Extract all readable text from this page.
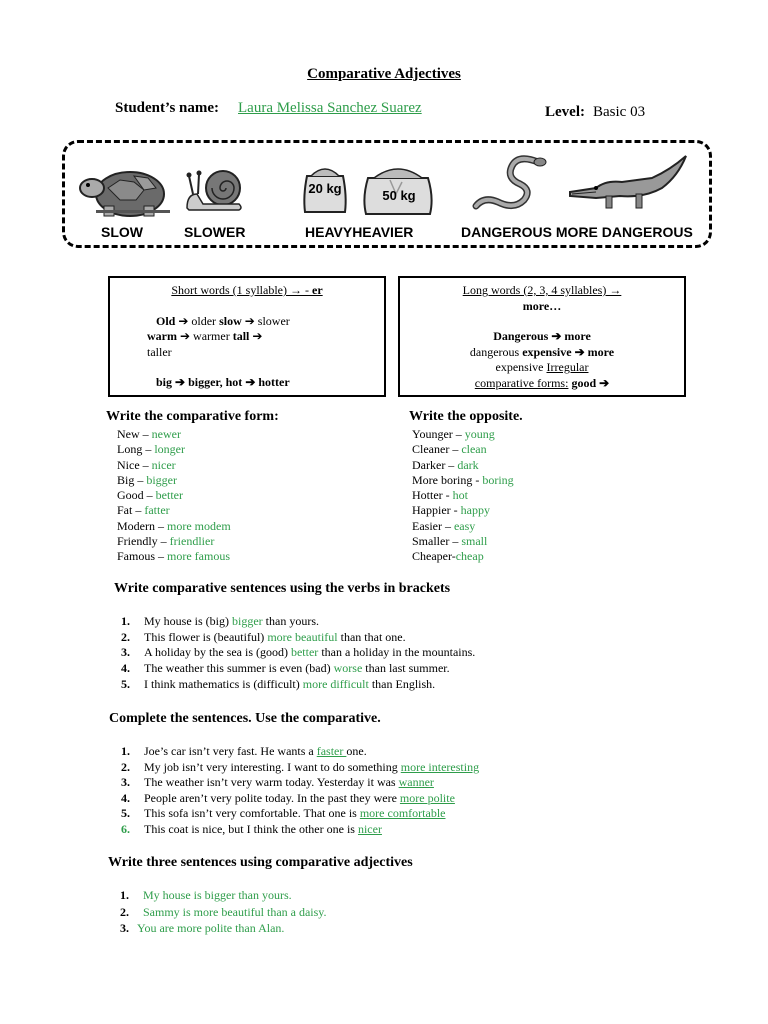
Comparative Adjectives
Student’s name: Laura Melissa Sanchez Suarez	Level: Basic 03
20 kg	50 kg
SLOW	SLOWER	HEAVYHEAVIER	DANGEROUS MORE DANGEROUS
Short words (1 syllable) → - er
Old ➔ older slow ➔ slower
warm ➔ warmer tall ➔
taller
big ➔ bigger, hot ➔ hotter
Long words (2, 3, 4 syllables) →
more…
Dangerous ➔ more
dangerous expensive ➔ more
expensive Irregular
comparative forms: good ➔
Write the comparative form:
New – newer
Long – longer
Nice – nicer
Big – bigger
Good – better
Fat – fatter
Modern – more modem
Friendly – friendlier
Famous – more famous
Write the opposite.
Younger – young
Cleaner – clean
Darker – dark
More boring - boring
Hotter - hot
Happier - happy
Easier – easy
Smaller – small
Cheaper-cheap
Write comparative sentences using the verbs in brackets
1. My house is (big) bigger than yours.
2. This flower is (beautiful) more beautiful than that one.
3. A holiday by the sea is (good) better than a holiday in the mountains.
4. The weather this summer is even (bad) worse than last summer.
5. I think mathematics is (difficult) more difficult than English.
Complete the sentences. Use the comparative.
1. Joe’s car isn’t very fast. He wants a faster one.
2. My job isn’t very interesting. I want to do something more interesting
3. The weather isn’t very warm today. Yesterday it was wanner
4. People aren’t very polite today. In the past they were more polite
5. This sofa isn’t very comfortable. That one is more comfortable
6. This coat is nice, but I think the other one is nicer
Write three sentences using comparative adjectives
1. My house is bigger than yours.
2. Sammy is more beautiful than a daisy.
3. You are more polite than Alan.
